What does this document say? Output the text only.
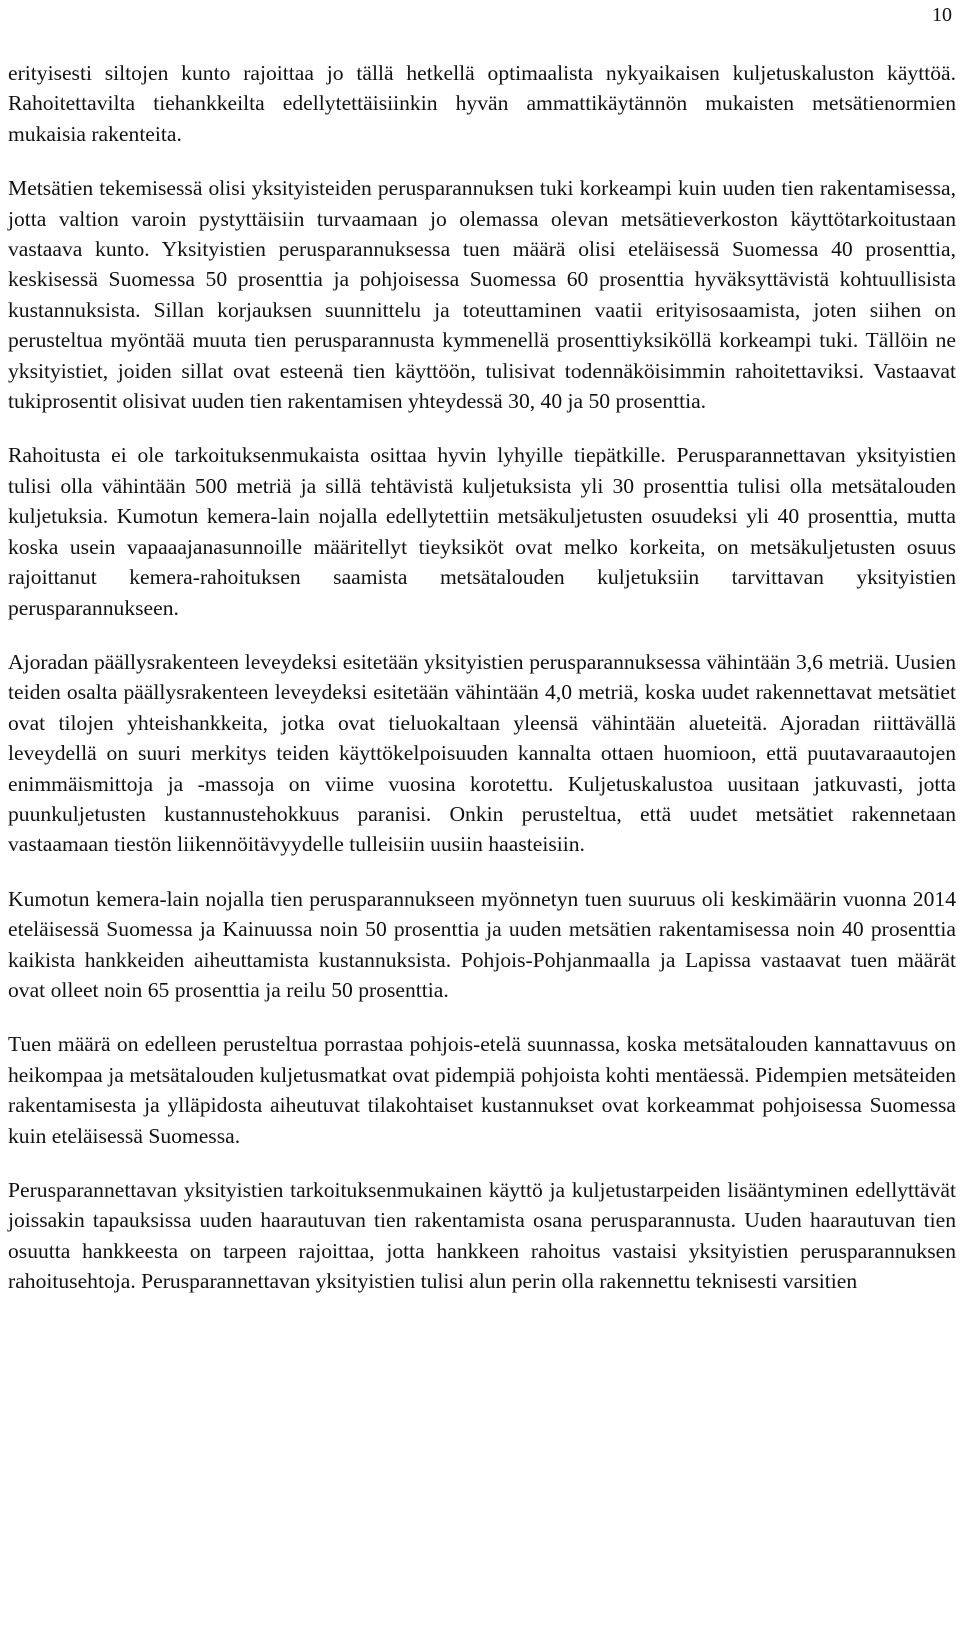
10

erityisesti siltojen kunto rajoittaa jo tällä hetkellä optimaalista nykyaikaisen kuljetuskaluston käyttöä. Rahoitettavilta tiehankkeilta edellytettäisiinkin hyvän ammattikäytännön mukaisten metsätienormien mukaisia rakenteita.

Metsätien tekemisessä olisi yksityisteiden perusparannuksen tuki korkeampi kuin uuden tien rakentamisessa, jotta valtion varoin pystyttäisiin turvaamaan jo olemassa olevan metsätieverkoston käyttötarkoitustaan vastaava kunto. Yksityistien perusparannuksessa tuen määrä olisi eteläisessä Suomessa 40 prosenttia, keskisessä Suomessa 50 prosenttia ja pohjoisessa Suomessa 60 prosenttia hyväksyttävistä kohtuullisista kustannuksista. Sillan korjauksen suunnittelu ja toteuttaminen vaatii erityisosaamista, joten siihen on perusteltua myöntää muuta tien perusparannusta kymmenellä prosenttiyksiköllä korkeampi tuki. Tällöin ne yksityistiet, joiden sillat ovat esteenä tien käyttöön, tulisivat todennäköisimmin rahoitettaviksi. Vastaavat tukiprosentit olisivat uuden tien rakentamisen yhteydessä 30, 40 ja 50 prosenttia.

Rahoitusta ei ole tarkoituksenmukaista osittaa hyvin lyhyille tiepätkille. Perusparannettavan yksityistien tulisi olla vähintään 500 metriä ja sillä tehtävistä kuljetuksista yli 30 prosenttia tulisi olla metsätalouden kuljetuksia. Kumotun kemera-lain nojalla edellytettiin metsäkuljetusten osuudeksi yli 40 prosenttia, mutta koska usein vapaaajanasunnoille määritellyt tieyksiköt ovat melko korkeita, on metsäkuljetusten osuus rajoittanut kemera-rahoituksen saamista metsätalouden kuljetuksiin tarvittavan yksityistien perusparannukseen.

Ajoradan päällysrakenteen leveydeksi esitetään yksityistien perusparannuksessa vähintään 3,6 metriä. Uusien teiden osalta päällysrakenteen leveydeksi esitetään vähintään 4,0 metriä, koska uudet rakennettavat metsätiet ovat tilojen yhteishankkeita, jotka ovat tieluokaltaan yleensä vähintään alueteitä. Ajoradan riittävällä leveydellä on suuri merkitys teiden käyttökelpoisuuden kannalta ottaen huomioon, että puutavaraautojen enimmäismittoja ja -massoja on viime vuosina korotettu. Kuljetuskalustoa uusitaan jatkuvasti, jotta puunkuljetusten kustannustehokkuus paranisi. Onkin perusteltua, että uudet metsätiet rakennetaan vastaamaan tiestön liikennöitävyydelle tulleisiin uusiin haasteisiin.

Kumotun kemera-lain nojalla tien perusparannukseen myönnetyn tuen suuruus oli keskimäärin vuonna 2014 eteläisessä Suomessa ja Kainuussa noin 50 prosenttia ja uuden metsätien rakentamisessa noin 40 prosenttia kaikista hankkeiden aiheuttamista kustannuksista. Pohjois-Pohjanmaalla ja Lapissa vastaavat tuen määrät ovat olleet noin 65 prosenttia ja reilu 50 prosenttia.

Tuen määrä on edelleen perusteltua porrastaa pohjois-etelä suunnassa, koska metsätalouden kannattavuus on heikompaa ja metsätalouden kuljetusmatkat ovat pidempiä pohjoista kohti mentäessä. Pidempien metsäteiden rakentamisesta ja ylläpidosta aiheutuvat tilakohtaiset kustannukset ovat korkeammat pohjoisessa Suomessa kuin eteläisessä Suomessa.

Perusparannettavan yksityistien tarkoituksenmukainen käyttö ja kuljetustarpeiden lisääntyminen edellyttävät joissakin tapauksissa uuden haarautuvan tien rakentamista osana perusparannusta. Uuden haarautuvan tien osuutta hankkeesta on tarpeen rajoittaa, jotta hankkeen rahoitus vastaisi yksityistien perusparannuksen rahoitusehtoja. Perusparannettavan yksityistien tulisi alun perin olla rakennettu teknisesti varsitien
